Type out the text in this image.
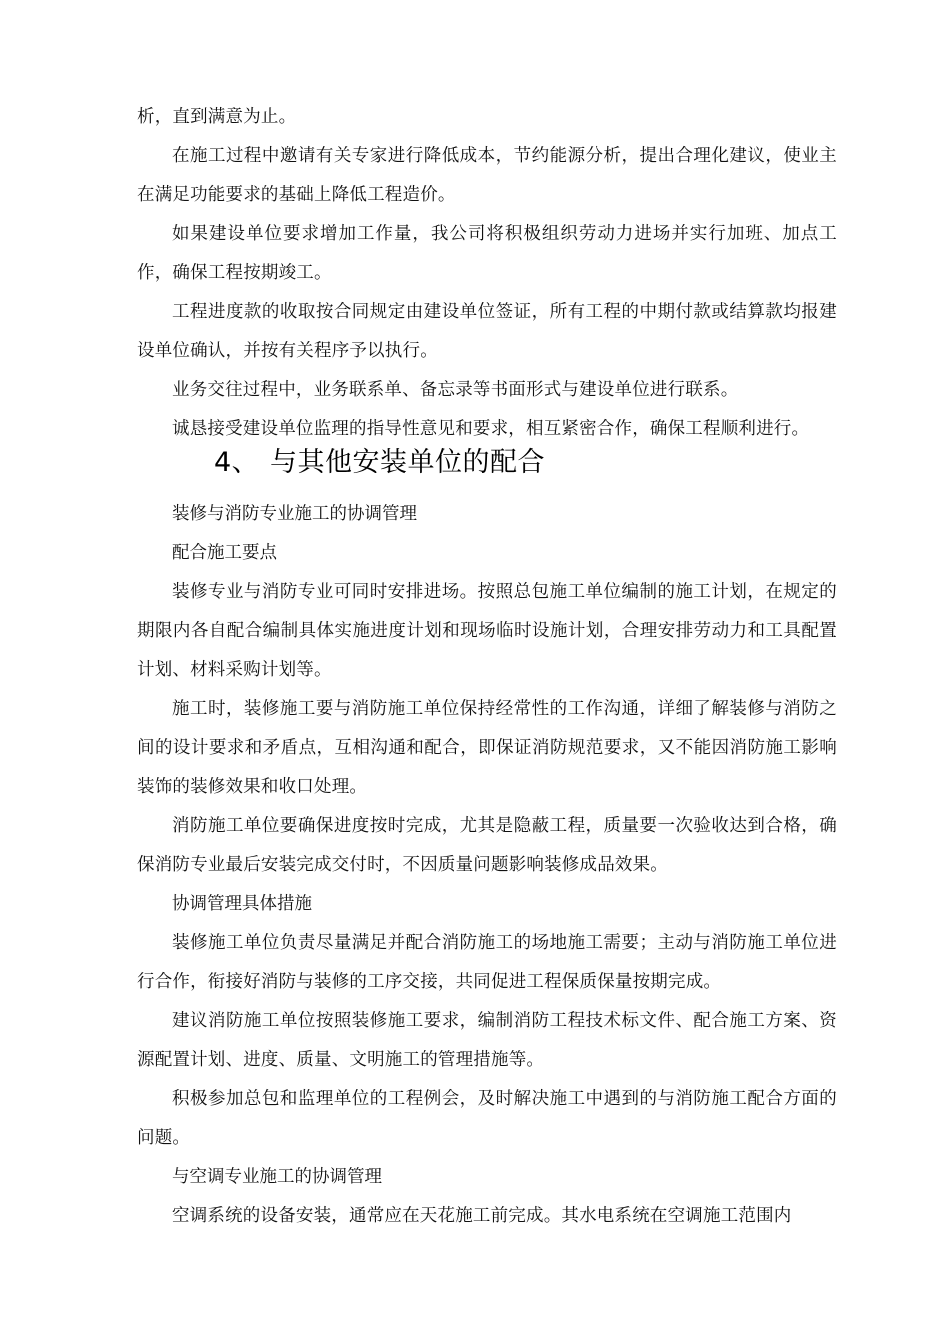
析，直到满意为止。

在施工过程中邀请有关专家进行降低成本，节约能源分析，提出合理化建议，使业主在满足功能要求的基础上降低工程造价。

如果建设单位要求增加工作量，我公司将积极组织劳动力进场并实行加班、加点工作，确保工程按期竣工。

工程进度款的收取按合同规定由建设单位签证，所有工程的中期付款或结算款均报建设单位确认，并按有关程序予以执行。

业务交往过程中，业务联系单、备忘录等书面形式与建设单位进行联系。

诚恳接受建设单位监理的指导性意见和要求，相互紧密合作，确保工程顺利进行。

4、 与其他安装单位的配合

装修与消防专业施工的协调管理

配合施工要点

装修专业与消防专业可同时安排进场。按照总包施工单位编制的施工计划，在规定的期限内各自配合编制具体实施进度计划和现场临时设施计划，合理安排劳动力和工具配置计划、材料采购计划等。

施工时，装修施工要与消防施工单位保持经常性的工作沟通，详细了解装修与消防之间的设计要求和矛盾点，互相沟通和配合，即保证消防规范要求，又不能因消防施工影响装饰的装修效果和收口处理。

消防施工单位要确保进度按时完成，尤其是隐蔽工程，质量要一次验收达到合格，确保消防专业最后安装完成交付时，不因质量问题影响装修成品效果。

协调管理具体措施

装修施工单位负责尽量满足并配合消防施工的场地施工需要；主动与消防施工单位进行合作，衔接好消防与装修的工序交接，共同促进工程保质保量按期完成。

建议消防施工单位按照装修施工要求，编制消防工程技术标文件、配合施工方案、资源配置计划、进度、质量、文明施工的管理措施等。

积极参加总包和监理单位的工程例会，及时解决施工中遇到的与消防施工配合方面的问题。

与空调专业施工的协调管理

空调系统的设备安装，通常应在天花施工前完成。其水电系统在空调施工范围内
